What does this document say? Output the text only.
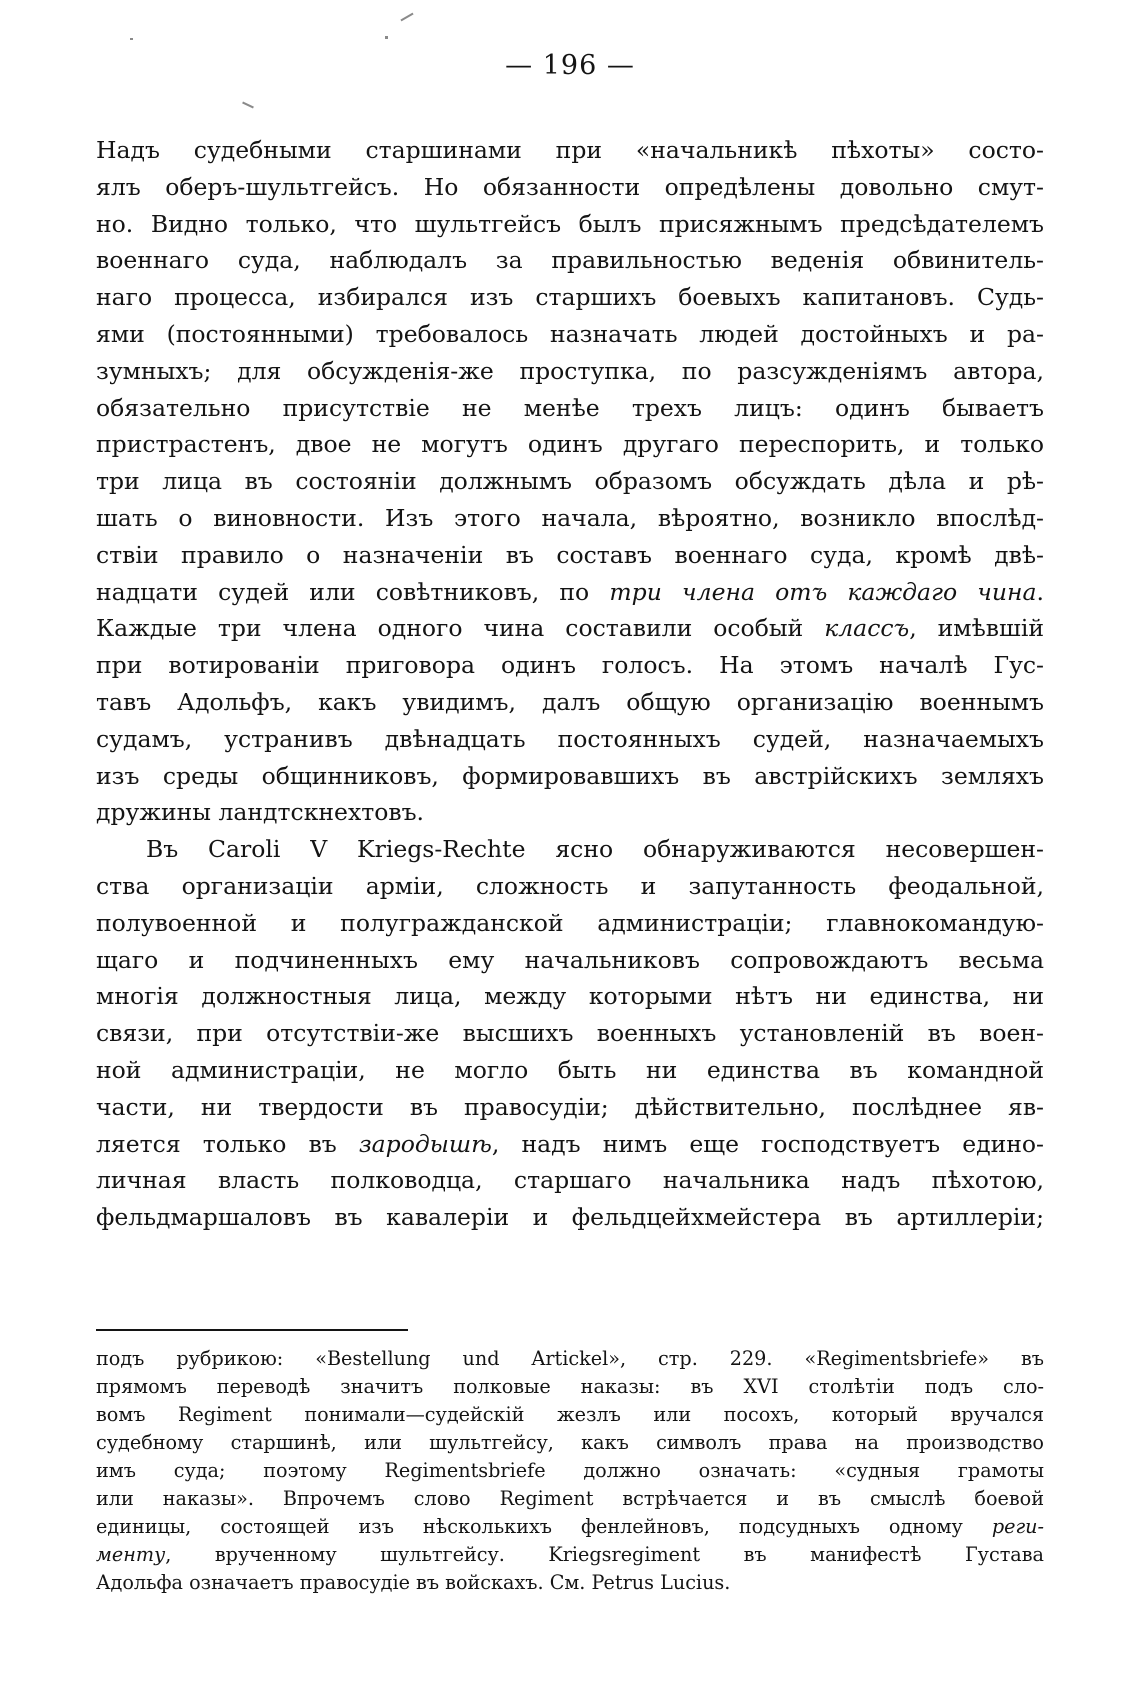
— 196 —
Надъ судебными старшинами при «начальникѣ пѣхоты» состо-
ялъ оберъ-шультгейсъ. Но обязанности опредѣлены довольно смут-
но. Видно только, что шультгейсъ былъ присяжнымъ предсѣдателемъ
военнаго суда, наблюдалъ за правильностью веденія обвинитель-
наго процесса, избирался изъ старшихъ боевыхъ капитановъ. Судь-
ями (постоянными) требовалось назначать людей достойныхъ и ра-
зумныхъ; для обсужденія-же проступка, по разсужденіямъ автора,
обязательно присутствіе не менѣе трехъ лицъ: одинъ бываетъ
пристрастенъ, двое не могутъ одинъ другаго переспорить, и только
три лица въ состояніи должнымъ образомъ обсуждать дѣла и рѣ-
шать о виновности. Изъ этого начала, вѣроятно, возникло впослѣд-
ствіи правило о назначеніи въ составъ военнаго суда, кромѣ двѣ-
надцати судей или совѣтниковъ, по три члена отъ каждаго чина.
Каждые три члена одного чина составили особый классъ, имѣвшій
при вотированіи приговора одинъ голосъ. На этомъ началѣ Гус-
тавъ Адольфъ, какъ увидимъ, далъ общую организацію военнымъ
судамъ, устранивъ двѣнадцать постоянныхъ судей, назначаемыхъ
изъ среды общинниковъ, формировавшихъ въ австрійскихъ земляхъ
дружины ландтскнехтовъ.
Въ Caroli V Kriegs-Rechte ясно обнаруживаются несовершен-
ства организаціи арміи, сложность и запутанность феодальной,
полувоенной и полугражданской администраціи; главнокомандую-
щаго и подчиненныхъ ему начальниковъ сопровождаютъ весьма
многія должностныя лица, между которыми нѣтъ ни единства, ни
связи, при отсутствіи-же высшихъ военныхъ установленій въ воен-
ной администраціи, не могло быть ни единства въ командной
части, ни твердости въ правосудіи; дѣйствительно, послѣднее яв-
ляется только въ зародышѣ, надъ нимъ еще господствуетъ едино-
личная власть полководца, старшаго начальника надъ пѣхотою,
фельдмаршаловъ въ кавалеріи и фельдцейхмейстера въ артиллеріи;
подъ рубрикою: «Bestellung und Artickel», стр. 229. «Regimentsbriefe» въ
прямомъ переводѣ значитъ полковые наказы: въ XVI столѣтіи подъ сло-
вомъ Regiment понимали—судейскій жезлъ или посохъ, который вручался
судебному старшинѣ, или шультгейсу, какъ символъ права на производство
имъ суда; поэтому Regimentsbriefe должно означать: «судныя грамоты
или наказы». Впрочемъ слово Regiment встрѣчается и въ смыслѣ боевой
единицы, состоящей изъ нѣсколькихъ фенлейновъ, подсудныхъ одному реги-
менту, врученному шультгейсу. Kriegsregiment въ манифестѣ Густава
Адольфа означаетъ правосудіе въ войскахъ. См. Petrus Lucius.
